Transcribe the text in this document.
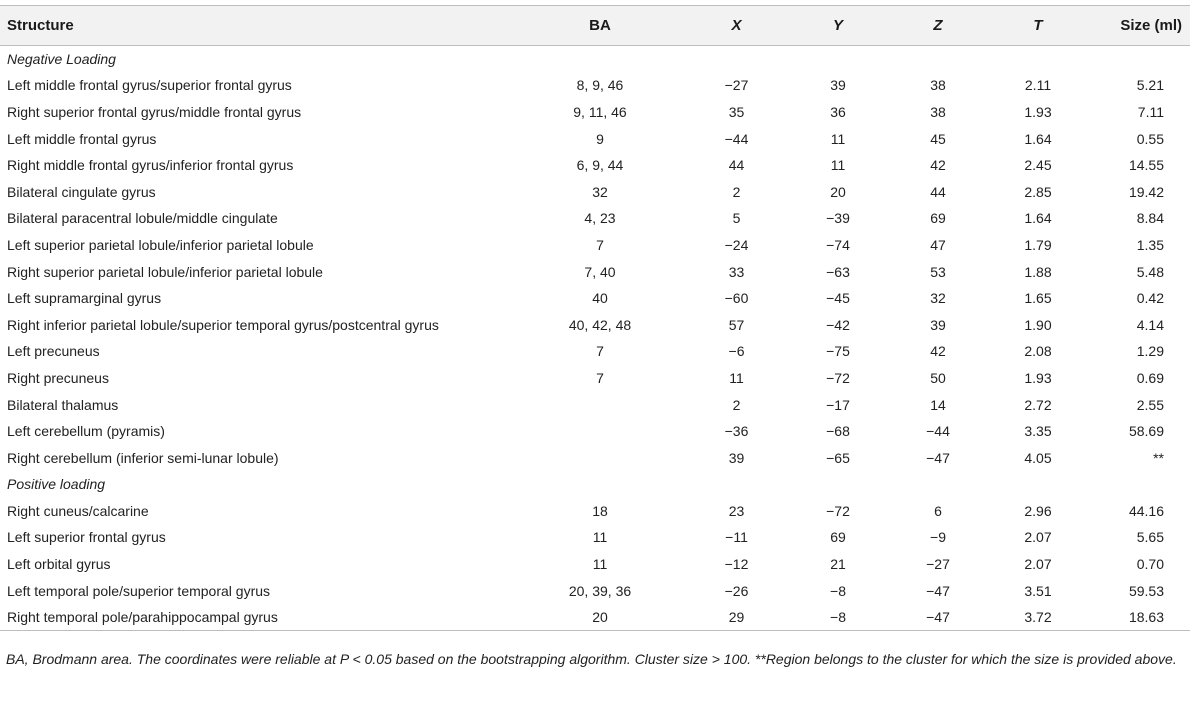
Structure	BA	X	Y	Z	T	Size (ml)
Negative Loading						
Left middle frontal gyrus/superior frontal gyrus	8, 9, 46	−27	39	38	2.11	5.21
Right superior frontal gyrus/middle frontal gyrus	9, 11, 46	35	36	38	1.93	7.11
Left middle frontal gyrus	9	−44	11	45	1.64	0.55
Right middle frontal gyrus/inferior frontal gyrus	6, 9, 44	44	11	42	2.45	14.55
Bilateral cingulate gyrus	32	2	20	44	2.85	19.42
Bilateral paracentral lobule/middle cingulate	4, 23	5	−39	69	1.64	8.84
Left superior parietal lobule/inferior parietal lobule	7	−24	−74	47	1.79	1.35
Right superior parietal lobule/inferior parietal lobule	7, 40	33	−63	53	1.88	5.48
Left supramarginal gyrus	40	−60	−45	32	1.65	0.42
Right inferior parietal lobule/superior temporal gyrus/postcentral gyrus	40, 42, 48	57	−42	39	1.90	4.14
Left precuneus	7	−6	−75	42	2.08	1.29
Right precuneus	7	11	−72	50	1.93	0.69
Bilateral thalamus		2	−17	14	2.72	2.55
Left cerebellum (pyramis)		−36	−68	−44	3.35	58.69
Right cerebellum (inferior semi-lunar lobule)		39	−65	−47	4.05	**
Positive loading						
Right cuneus/calcarine	18	23	−72	6	2.96	44.16
Left superior frontal gyrus	11	−11	69	−9	2.07	5.65
Left orbital gyrus	11	−12	21	−27	2.07	0.70
Left temporal pole/superior temporal gyrus	20, 39, 36	−26	−8	−47	3.51	59.53
Right temporal pole/parahippocampal gyrus	20	29	−8	−47	3.72	18.63
BA, Brodmann area. The coordinates were reliable at P < 0.05 based on the bootstrapping algorithm. Cluster size > 100. **Region belongs to the cluster for which the size is provided above.
